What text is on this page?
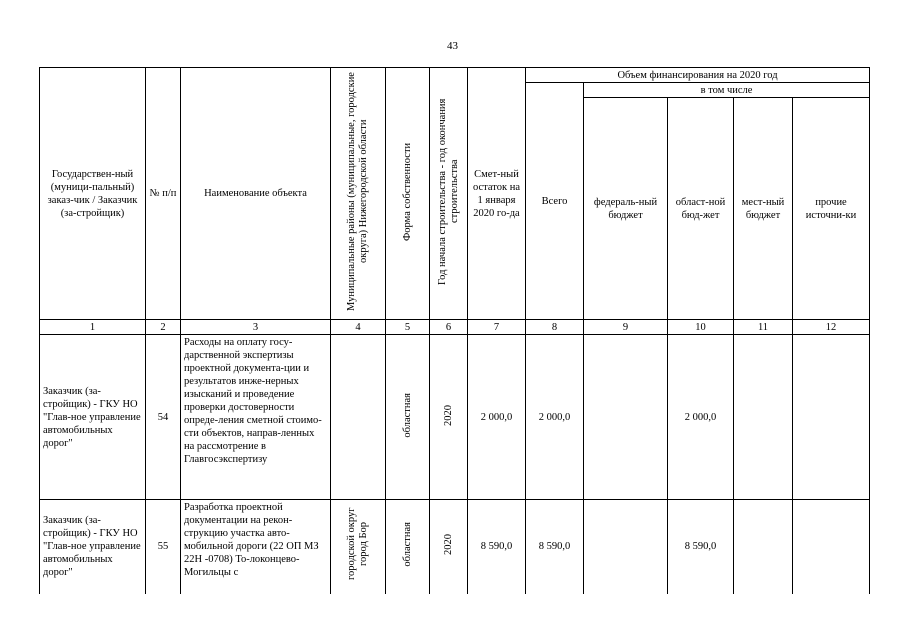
43
Государствен-ный (муници-пальный) заказ-чик / Заказчик (за-стройщик)	№ п/п	Наименование объекта	Муниципальные районы (муниципальные, городские округа) Нижегородской области	Форма собственности	Год начала строительства - год окончания строительства	Смет-ный остаток на 1 января 2020 го-да	Объем финансирования на 2020 год				
							Всего	в том числе			
								федераль-ный бюджет	област-ной бюд-жет	мест-ный бюджет	прочие источни-ки
1	2	3	4	5	6	7	8	9	10	11	12
Заказчик (за-стройщик) - ГКУ НО "Глав-ное управление автомобильных дорог"	54	Расходы на оплату госу-дарственной экспертизы проектной документа-ции и результатов инже-нерных изысканий и проведение проверки достоверности опреде-ления сметной стоимо-сти объектов, направ-ленных на рассмотрение в Главгосэкспертизу		областная	2020	2 000,0	2 000,0		2 000,0		
Заказчик (за-стройщик) - ГКУ НО "Глав-ное управление автомобильных дорог"	55	Разработка проектной документации на рекон-струкцию участка авто-мобильной дороги (22 ОП МЗ 22Н -0708) То-локонцево-Могильцы с	городской округ город Бор	областная	2020	8 590,0	8 590,0		8 590,0		
